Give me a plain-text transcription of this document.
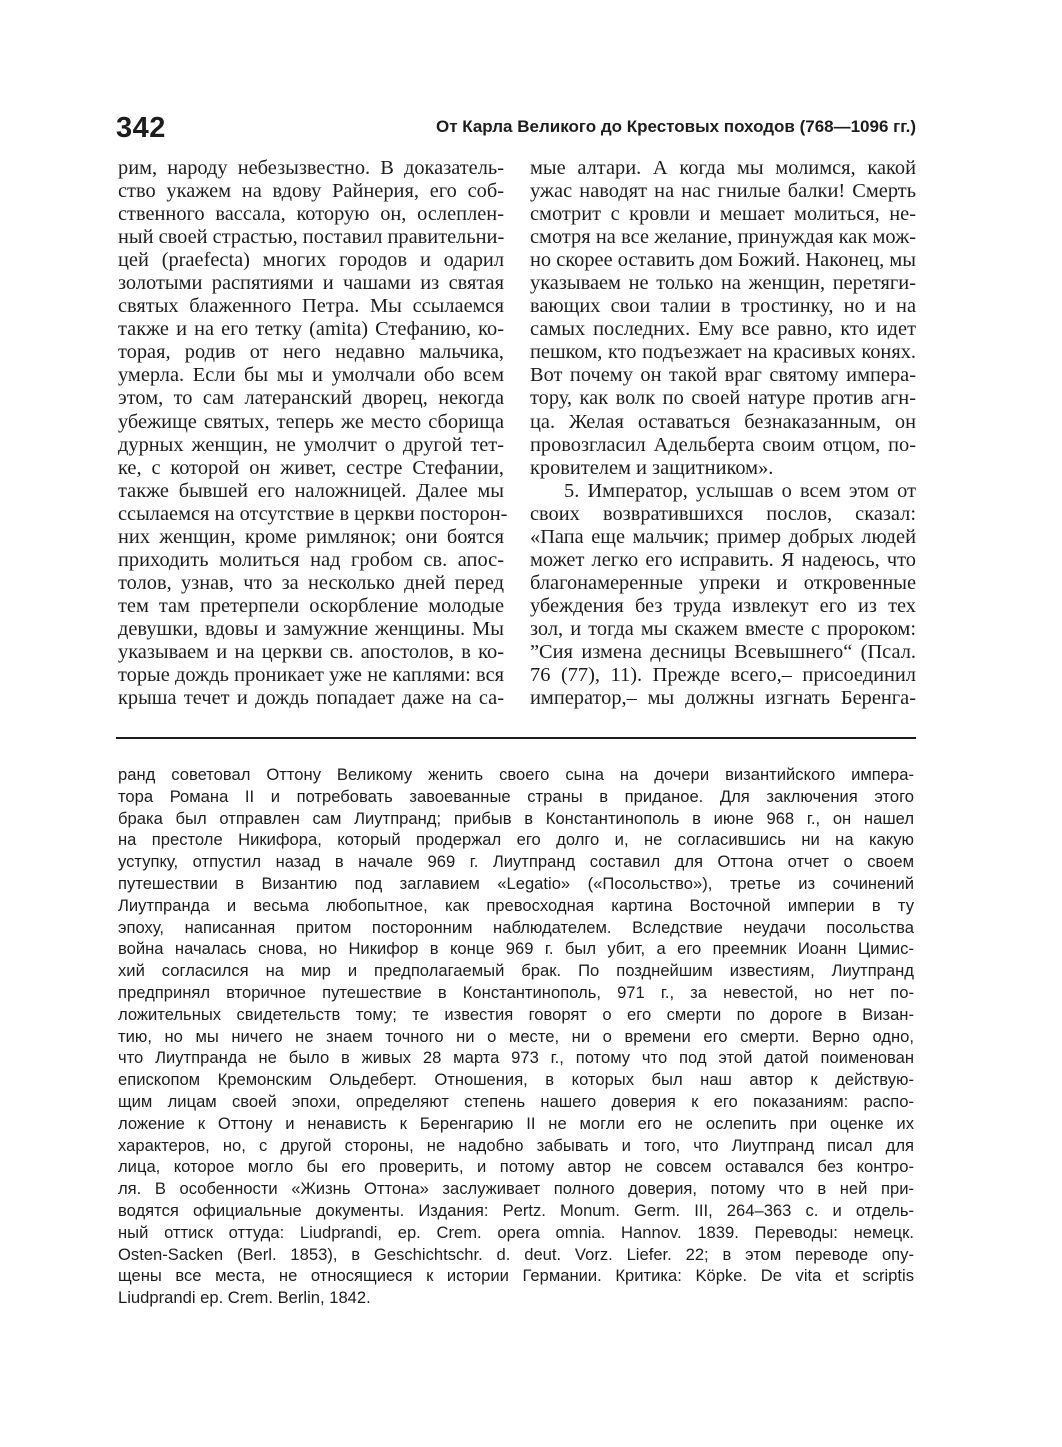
342	От Карла Великого до Крестовых походов (768—1096 гг.)
рим, народу небезызвестно. В доказатель-
ство укажем на вдову Райнерия, его соб-
ственного вассала, которую он, ослеплен-
ный своей страстью, поставил правительни-
цей (praefecta) многих городов и одарил
золотыми распятиями и чашами из святая
святых блаженного Петра. Мы ссылаемся
также и на его тетку (amita) Стефанию, ко-
торая, родив от него недавно мальчика,
умерла. Если бы мы и умолчали обо всем
этом, то сам латеранский дворец, некогда
убежище святых, теперь же место сборища
дурных женщин, не умолчит о другой тет-
ке, с которой он живет, сестре Стефании,
также бывшей его наложницей. Далее мы
ссылаемся на отсутствие в церкви посторон-
них женщин, кроме римлянок; они боятся
приходить молиться над гробом св. апос-
толов, узнав, что за несколько дней перед
тем там претерпели оскорбление молодые
девушки, вдовы и замужние женщины. Мы
указываем и на церкви св. апостолов, в ко-
торые дождь проникает уже не каплями: вся
крыша течет и дождь попадает даже на са-
мые алтари. А когда мы молимся, какой
ужас наводят на нас гнилые балки! Смерть
смотрит с кровли и мешает молиться, не-
смотря на все желание, принуждая как мож-
но скорее оставить дом Божий. Наконец, мы
указываем не только на женщин, перетяги-
вающих свои талии в тростинку, но и на
самых последних. Ему все равно, кто идет
пешком, кто подъезжает на красивых конях.
Вот почему он такой враг святому импера-
тору, как волк по своей натуре против агн-
ца. Желая оставаться безнаказанным, он
провозгласил Адельберта своим отцом, по-
кровителем и защитником».
5. Император, услышав о всем этом от
своих возвратившихся послов, сказал:
«Папа еще мальчик; пример добрых людей
может легко его исправить. Я надеюсь, что
благонамеренные упреки и откровенные
убеждения без труда извлекут его из тех
зол, и тогда мы скажем вместе с пророком:
”Сия измена десницы Всевышнего“ (Псал.
76 (77), 11). Прежде всего,– присоединил
император,– мы должны изгнать Беренга-
ранд советовал Оттону Великому женить своего сына на дочери византийского импера-
тора Романа II и потребовать завоеванные страны в приданое. Для заключения этого
брака был отправлен сам Лиутпранд; прибыв в Константинополь в июне 968 г., он нашел
на престоле Никифора, который продержал его долго и, не согласившись ни на какую
уступку, отпустил назад в начале 969 г. Лиутпранд составил для Оттона отчет о своем
путешествии в Византию под заглавием «Legatio» («Посольство»), третье из сочинений
Лиутпранда и весьма любопытное, как превосходная картина Восточной империи в ту
эпоху, написанная притом посторонним наблюдателем. Вследствие неудачи посольства
война началась снова, но Никифор в конце 969 г. был убит, а его преемник Иоанн Цимис-
хий согласился на мир и предполагаемый брак. По позднейшим известиям, Лиутпранд
предпринял вторичное путешествие в Константинополь, 971 г., за невестой, но нет по-
ложительных свидетельств тому; те известия говорят о его смерти по дороге в Визан-
тию, но мы ничего не знаем точного ни о месте, ни о времени его смерти. Верно одно,
что Лиутпранда не было в живых 28 марта 973 г., потому что под этой датой поименован
епископом Кремонским Ольдеберт. Отношения, в которых был наш автор к действую-
щим лицам своей эпохи, определяют степень нашего доверия к его показаниям: распо-
ложение к Оттону и ненависть к Беренгарию II не могли его не ослепить при оценке их
характеров, но, с другой стороны, не надобно забывать и того, что Лиутпранд писал для
лица, которое могло бы его проверить, и потому автор не совсем оставался без контро-
ля. В особенности «Жизнь Оттона» заслуживает полного доверия, потому что в ней при-
водятся официальные документы. Издания: Pertz. Monum. Germ. III, 264–363 c. и отдель-
ный оттиск оттуда: Liudprandi, ep. Crem. opera omnia. Hannov. 1839. Переводы: немецк.
Osten-Sacken (Berl. 1853), в Geschichtschr. d. deut. Vorz. Liefer. 22; в этом переводе опу-
щены все места, не относящиеся к истории Германии. Критика: Köpke. De vita et scriptis
Liudprandi ep. Crem. Berlin, 1842.
